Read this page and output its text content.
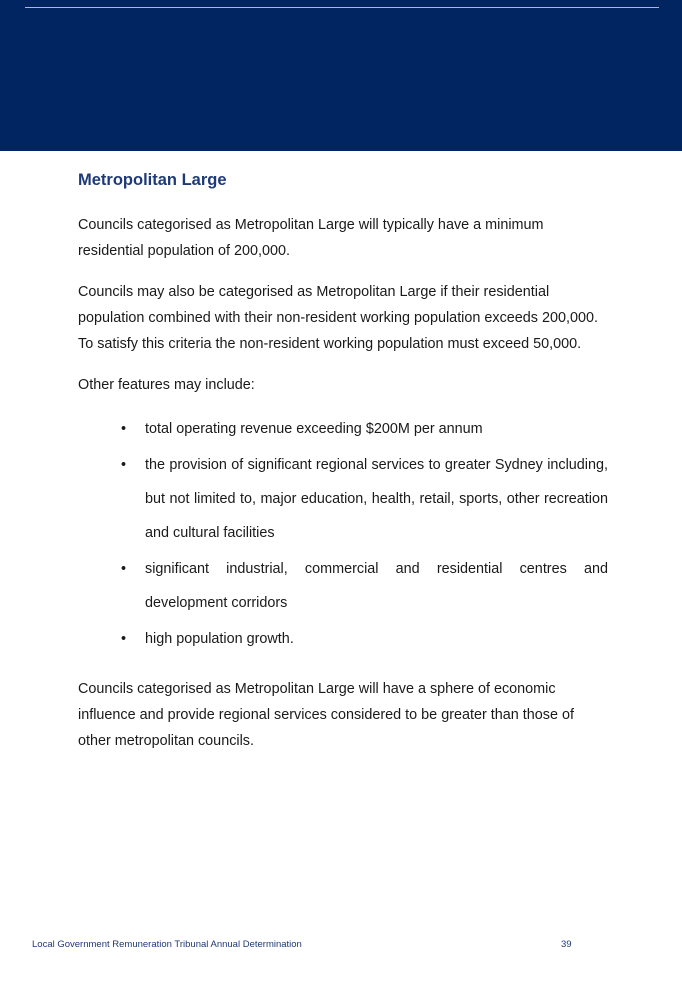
Metropolitan Large

Councils categorised as Metropolitan Large will typically have a minimum residential population of 200,000.

Councils may also be categorised as Metropolitan Large if their residential population combined with their non-resident working population exceeds 200,000. To satisfy this criteria the non-resident working population must exceed 50,000.

Other features may include:

• total operating revenue exceeding $200M per annum
• the provision of significant regional services to greater Sydney including, but not limited to, major education, health, retail, sports, other recreation and cultural facilities
• significant industrial, commercial and residential centres and development corridors
• high population growth.

Councils categorised as Metropolitan Large will have a sphere of economic influence and provide regional services considered to be greater than those of other metropolitan councils.

Local Government Remuneration Tribunal Annual Determination	39
